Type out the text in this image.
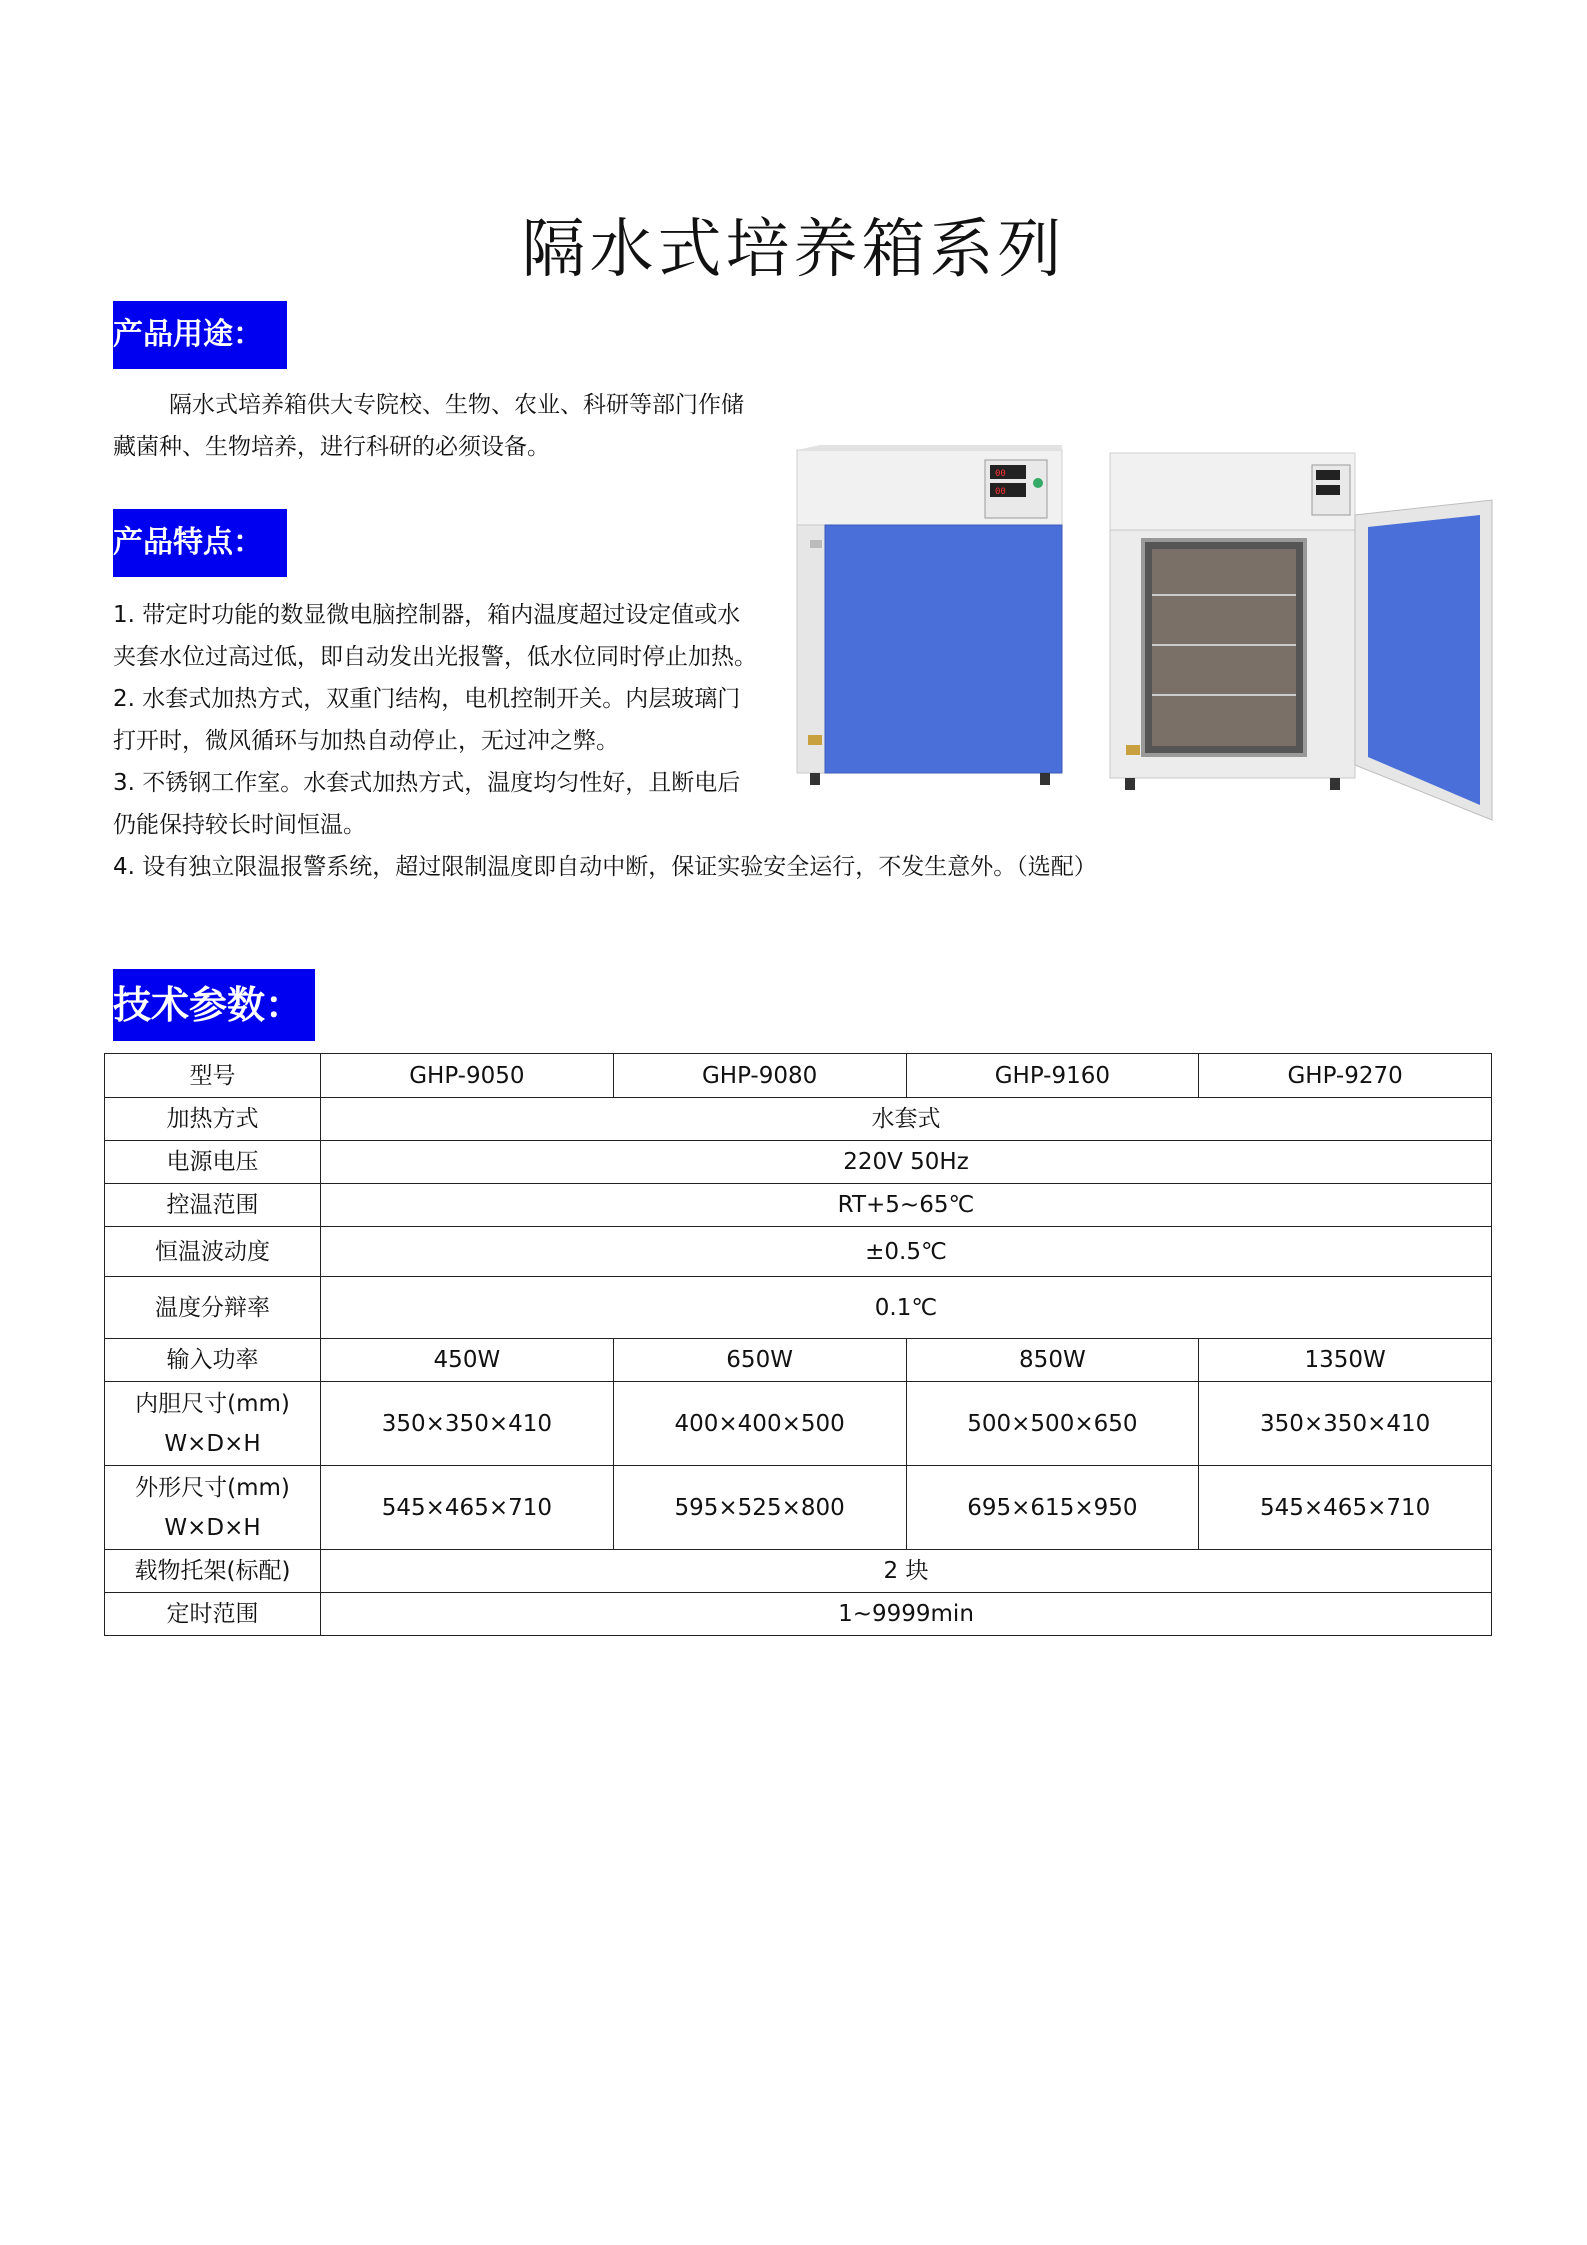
隔水式培养箱系列
产品用途：

隔水式培养箱供大专院校、生物、农业、科研等部门作储藏菌种、生物培养，进行科研的必须设备。

产品特点：
1. 带定时功能的数显微电脑控制器，箱内温度超过设定值或水夹套水位过高过低，即自动发出光报警，低水位同时停止加热。
2. 水套式加热方式，双重门结构，电机控制开关。内层玻璃门打开时，微风循环与加热自动停止，无过冲之弊。
3. 不锈钢工作室。水套式加热方式，温度均匀性好，且断电后仍能保持较长时间恒温。
4. 设有独立限温报警系统，超过限制温度即自动中断，保证实验安全运行，不发生意外。（选配）
00
00
技术参数：
型号	GHP-9050	GHP-9080	GHP-9160	GHP-9270
加热方式	水套式			
电源电压	220V 50Hz			
控温范围	RT+5~65℃			
恒温波动度	±0.5℃			
温度分辩率	0.1℃			
输入功率	450W	650W	850W	1350W

内胆尺寸(mm)
W×D×H	350×350×410	400×400×500	500×500×650	350×350×410

外形尺寸(mm)
W×D×H	545×465×710	595×525×800	695×615×950	545×465×710
载物托架(标配)	2 块			
定时范围	1~9999min			
